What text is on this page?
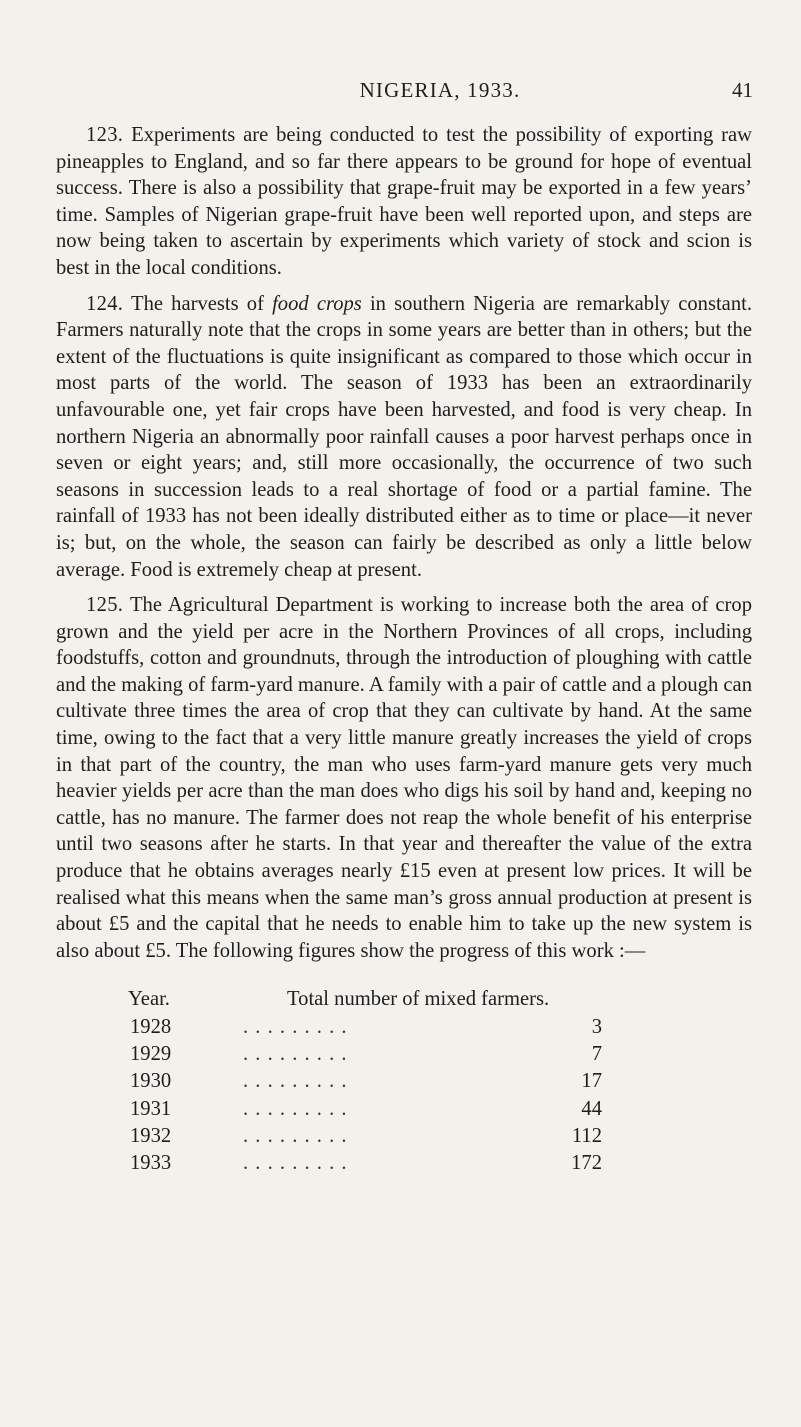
NIGERIA, 1933.	41

123. Experiments are being conducted to test the possibility of exporting raw pineapples to England, and so far there appears to be ground for hope of eventual success. There is also a possibility that grape-fruit may be exported in a few years’ time. Samples of Nigerian grape-fruit have been well reported upon, and steps are now being taken to ascertain by experiments which variety of stock and scion is best in the local conditions.

124. The harvests of food crops in southern Nigeria are remarkably constant. Farmers naturally note that the crops in some years are better than in others; but the extent of the fluctuations is quite insignificant as compared to those which occur in most parts of the world. The season of 1933 has been an extraordinarily unfavourable one, yet fair crops have been harvested, and food is very cheap. In northern Nigeria an abnormally poor rainfall causes a poor harvest perhaps once in seven or eight years; and, still more occasionally, the occurrence of two such seasons in succession leads to a real shortage of food or a partial famine. The rainfall of 1933 has not been ideally distributed either as to time or place—it never is; but, on the whole, the season can fairly be described as only a little below average. Food is extremely cheap at present.

125. The Agricultural Department is working to increase both the area of crop grown and the yield per acre in the Northern Provinces of all crops, including foodstuffs, cotton and groundnuts, through the introduction of ploughing with cattle and the making of farm-yard manure. A family with a pair of cattle and a plough can cultivate three times the area of crop that they can cultivate by hand. At the same time, owing to the fact that a very little manure greatly increases the yield of crops in that part of the country, the man who uses farm-yard manure gets very much heavier yields per acre than the man does who digs his soil by hand and, keeping no cattle, has no manure. The farmer does not reap the whole benefit of his enterprise until two seasons after he starts. In that year and thereafter the value of the extra produce that he obtains averages nearly £15 even at present low prices. It will be realised what this means when the same man’s gross annual production at present is about £5 and the capital that he needs to enable him to take up the new system is also about £5. The following figures show the progress of this work :—

Year.	Total number of mixed farmers.
1928	. . . . . . . . .	3
1929	. . . . . . . . .	7
1930	. . . . . . . . .	17
1931	. . . . . . . . .	44
1932	. . . . . . . . .	112
1933	. . . . . . . . .	172
